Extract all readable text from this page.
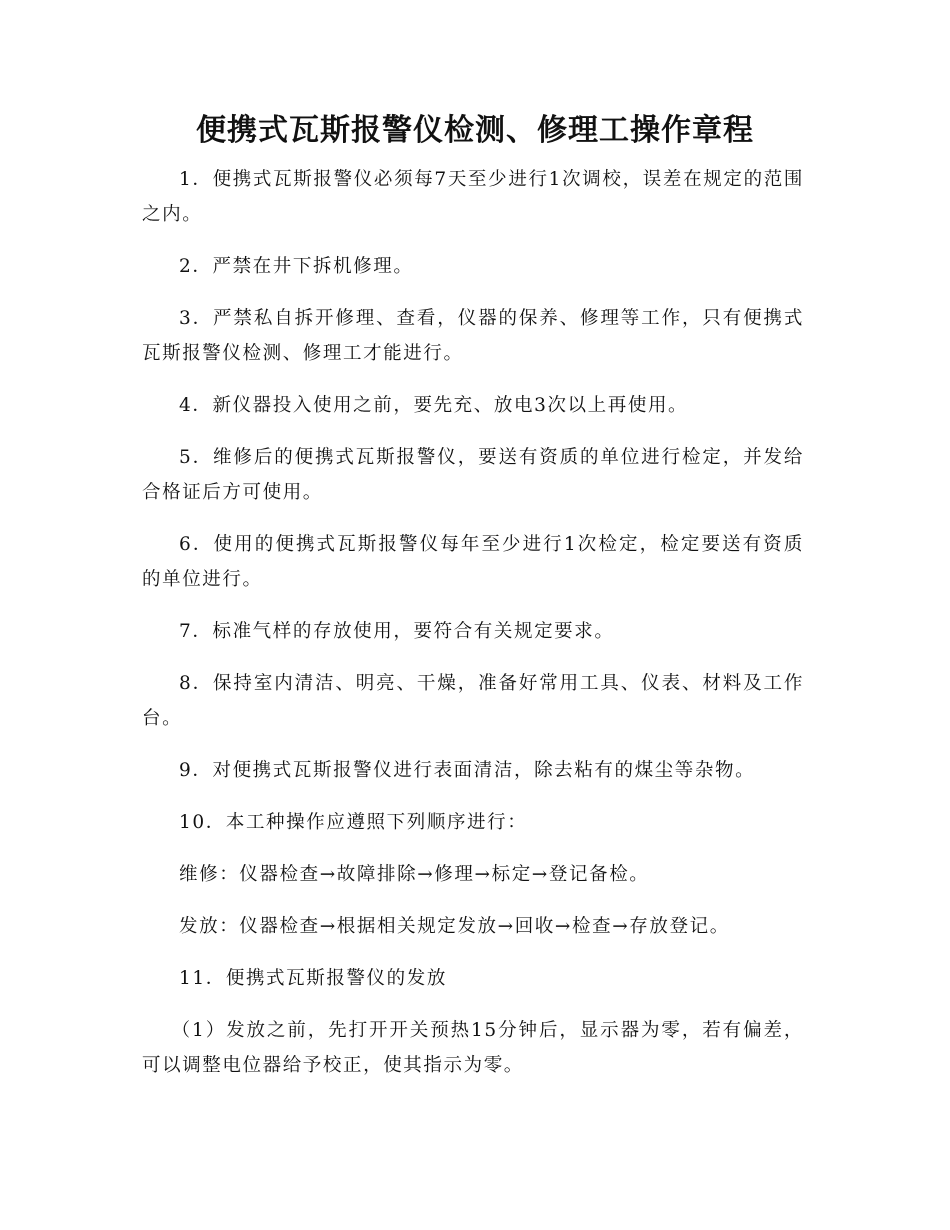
便携式瓦斯报警仪检测、修理工操作章程

1．便携式瓦斯报警仪必须每7天至少进行1次调校，误差在规定的范围之内。

2．严禁在井下拆机修理。

3．严禁私自拆开修理、查看，仪器的保养、修理等工作，只有便携式瓦斯报警仪检测、修理工才能进行。

4．新仪器投入使用之前，要先充、放电3次以上再使用。

5．维修后的便携式瓦斯报警仪，要送有资质的单位进行检定，并发给合格证后方可使用。

6．使用的便携式瓦斯报警仪每年至少进行1次检定，检定要送有资质的单位进行。

7．标准气样的存放使用，要符合有关规定要求。

8．保持室内清洁、明亮、干燥，准备好常用工具、仪表、材料及工作台。

9．对便携式瓦斯报警仪进行表面清洁，除去粘有的煤尘等杂物。

10．本工种操作应遵照下列顺序进行：

维修：仪器检查→故障排除→修理→标定→登记备检。

发放：仪器检查→根据相关规定发放→回收→检查→存放登记。

11．便携式瓦斯报警仪的发放

（1）发放之前，先打开开关预热15分钟后，显示器为零，若有偏差，可以调整电位器给予校正，使其指示为零。
